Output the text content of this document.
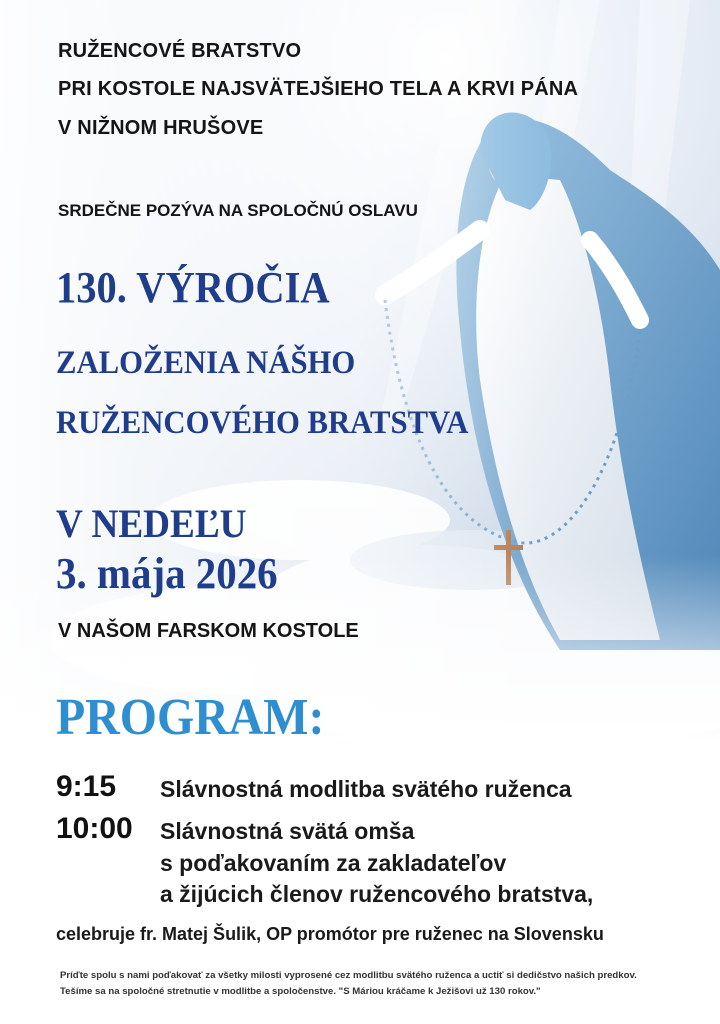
RUŽENCOVÉ BRATSTVO
PRI KOSTOLE NAJSVÄTEJŠIEHO TELA A KRVI PÁNA
V NIŽNOM HRUŠOVE
SRDEČNE POZÝVA NA SPOLOČNÚ OSLAVU
130. VÝROČIA
ZALOŽENIA NÁŠHO
RUŽENCOVÉHO BRATSTVA
V NEDEĽU
3. mája 2026
V NAŠOM FARSKOM KOSTOLE
PROGRAM:
9:15 Slávnostná modlitba svätého ruženca
10:00 Slávnostná svätá omša
s poďakovaním za zakladateľov
a žijúcich členov ružencového bratstva,
celebruje fr. Matej Šulik, OP promótor pre ruženec na Slovensku
Príďte spolu s nami poďakovať za všetky milosti vyprosené cez modlitbu svätého ruženca a uctiť si dedičstvo našich predkov.
Tešíme sa na spoločné stretnutie v modlitbe a spoločenstve. "S Máriou kráčame k Ježišovi už 130 rokov."
